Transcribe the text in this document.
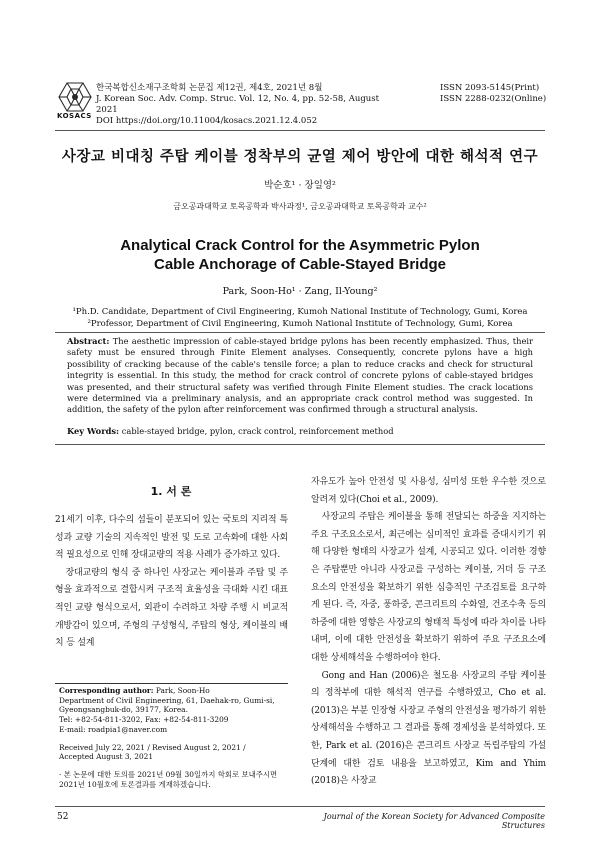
KOSACS
한국복합신소재구조학회 논문집 제12권, 제4호, 2021년 8월
J. Korean Soc. Adv. Comp. Struc. Vol. 12, No. 4, pp. 52-58, August 2021
DOI https://doi.org/10.11004/kosacs.2021.12.4.052
ISSN 2093-5145(Print)
ISSN 2288-0232(Online)
사장교 비대칭 주탑 케이블 정착부의 균열 제어 방안에 대한 해석적 연구
박순호¹ · 장일영²
금오공과대학교 토목공학과 박사과정¹, 금오공과대학교 토목공학과 교수²
Analytical Crack Control for the Asymmetric Pylon
Cable Anchorage of Cable-Stayed Bridge
Park, Soon-Ho¹ · Zang, Il-Young²
¹Ph.D. Candidate, Department of Civil Engineering, Kumoh National Institute of Technology, Gumi, Korea
²Professor, Department of Civil Engineering, Kumoh National Institute of Technology, Gumi, Korea
Abstract: The aesthetic impression of cable-stayed bridge pylons has been recently emphasized. Thus, their safety must be ensured through Finite Element analyses. Consequently, concrete pylons have a high possibility of cracking because of the cable's tensile force; a plan to reduce cracks and check for structural integrity is essential. In this study, the method for crack control of concrete pylons of cable-stayed bridges was presented, and their structural safety was verified through Finite Element studies. The crack locations were determined via a preliminary analysis, and an appropriate crack control method was suggested. In addition, the safety of the pylon after reinforcement was confirmed through a structural analysis.
Key Words: cable-stayed bridge, pylon, crack control, reinforcement method
1. 서 론

21세기 이후, 다수의 섬들이 분포되어 있는 국토의 지리적 특성과 교량 기술의 지속적인 발전 및 도로 고속화에 대한 사회적 필요성으로 인해 장대교량의 적용 사례가 증가하고 있다.

장대교량의 형식 중 하나인 사장교는 케이블과 주탑 및 주형을 효과적으로 결합시켜 구조적 효율성을 극대화 시킨 대표적인 교량 형식으로서, 외관이 수려하고 차량 주행 시 비교적 개방감이 있으며, 주형의 구성형식, 주탑의 형상, 케이블의 배치 등 설계

Corresponding author: Park, Soon-Ho
Department of Civil Engineering, 61, Daehak-ro, Gumi-si,
Gyeongsangbuk-do, 39177, Korea.
Tel: +82-54-811-3202, Fax: +82-54-811-3209
E-mail: roadpia1@naver.com
Received July 22, 2021 / Revised August 2, 2021 /
Accepted August 3, 2021
· 본 논문에 대한 토의를 2021년 09월 30일까지 학회로 보내주시면 2021년 10월호에 토론결과를 게재하겠습니다.

자유도가 높아 안전성 및 사용성, 심미성 또한 우수한 것으로 알려져 있다(Choi et al., 2009).

사장교의 주탑은 케이블을 통해 전달되는 하중을 지지하는 주요 구조요소로서, 최근에는 심미적인 효과를 증대시키기 위해 다양한 형태의 사장교가 설계, 시공되고 있다. 이러한 경향은 주탑뿐만 아니라 사장교를 구성하는 케이블, 거더 등 구조 요소의 안전성을 확보하기 위한 심층적인 구조검토를 요구하게 된다. 즉, 자중, 풍하중, 콘크리트의 수화열, 건조수축 등의 하중에 대한 영향은 사장교의 형태적 특성에 따라 차이를 나타내며, 이에 대한 안전성을 확보하기 위하여 주요 구조요소에 대한 상세해석을 수행하여야 한다.

Gong and Han (2006)은 철도용 사장교의 주탑 케이블의 정착부에 대한 해석적 연구를 수행하였고, Cho et al. (2013)은 부분 인장형 사장교 주형의 안전성을 평가하기 위한 상세해석을 수행하고 그 결과를 통해 경제성을 분석하였다. 또한, Park et al. (2016)은 콘크리트 사장교 독립주탑의 가설단계에 대한 검토 내용을 보고하였고, Kim and Yhim (2018)은 사장교

52	Journal of the Korean Society for Advanced Composite Structures
